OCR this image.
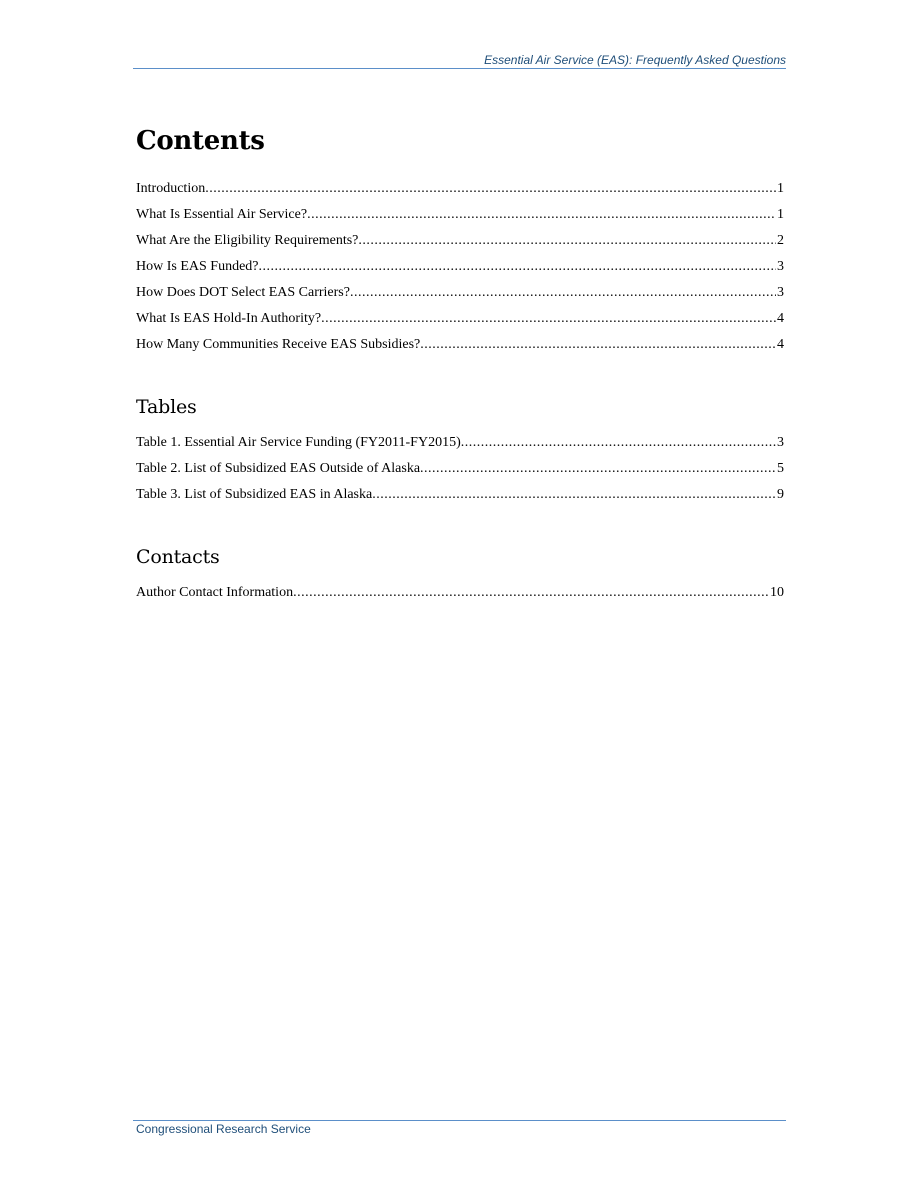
Essential Air Service (EAS): Frequently Asked Questions
Contents
Introduction .....	1
What Is Essential Air Service? .....	1
What Are the Eligibility Requirements? .....	2
How Is EAS Funded? .....	3
How Does DOT Select EAS Carriers? .....	3
What Is EAS Hold-In Authority? .....	4
How Many Communities Receive EAS Subsidies? .....	4
Tables
Table 1. Essential Air Service Funding (FY2011-FY2015) .....	3
Table 2. List of Subsidized EAS Outside of Alaska .....	5
Table 3. List of Subsidized EAS in Alaska .....	9
Contacts
Author Contact Information .....	10
Congressional Research Service
